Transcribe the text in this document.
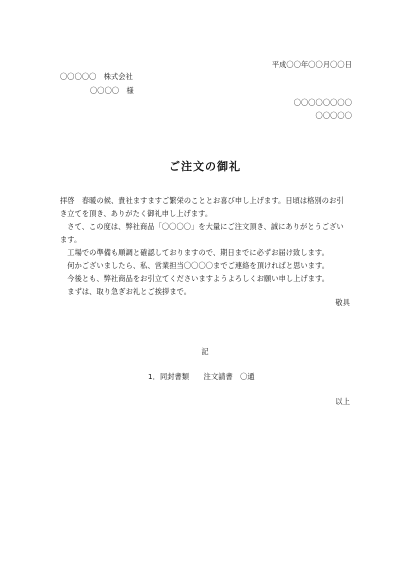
平成〇〇年〇〇月〇〇日
〇〇〇〇〇　株式会社
〇〇〇〇　様
〇〇〇〇〇〇〇〇
〇〇〇〇〇
ご注文の御礼
拝啓　春暖の候、貴社ますますご繁栄のこととお喜び申し上げます。日頃は格別のお引
き立てを頂き、ありがたく御礼申し上げます。
　さて、この度は、弊社商品「〇〇〇〇」を大量にご注文頂き、誠にありがとうござい
ます。
　工場での準備も順調と確認しておりますので、期日までに必ずお届け致します。
　何かございましたら、私、営業担当〇〇〇〇までご連絡を頂ければと思います。
　今後とも、弊社商品をお引立てくださいますようよろしくお願い申し上げます。
　まずは、取り急ぎお礼とご挨拶まで。
敬具
記
1．同封書類　　注文請書　〇通
以上
